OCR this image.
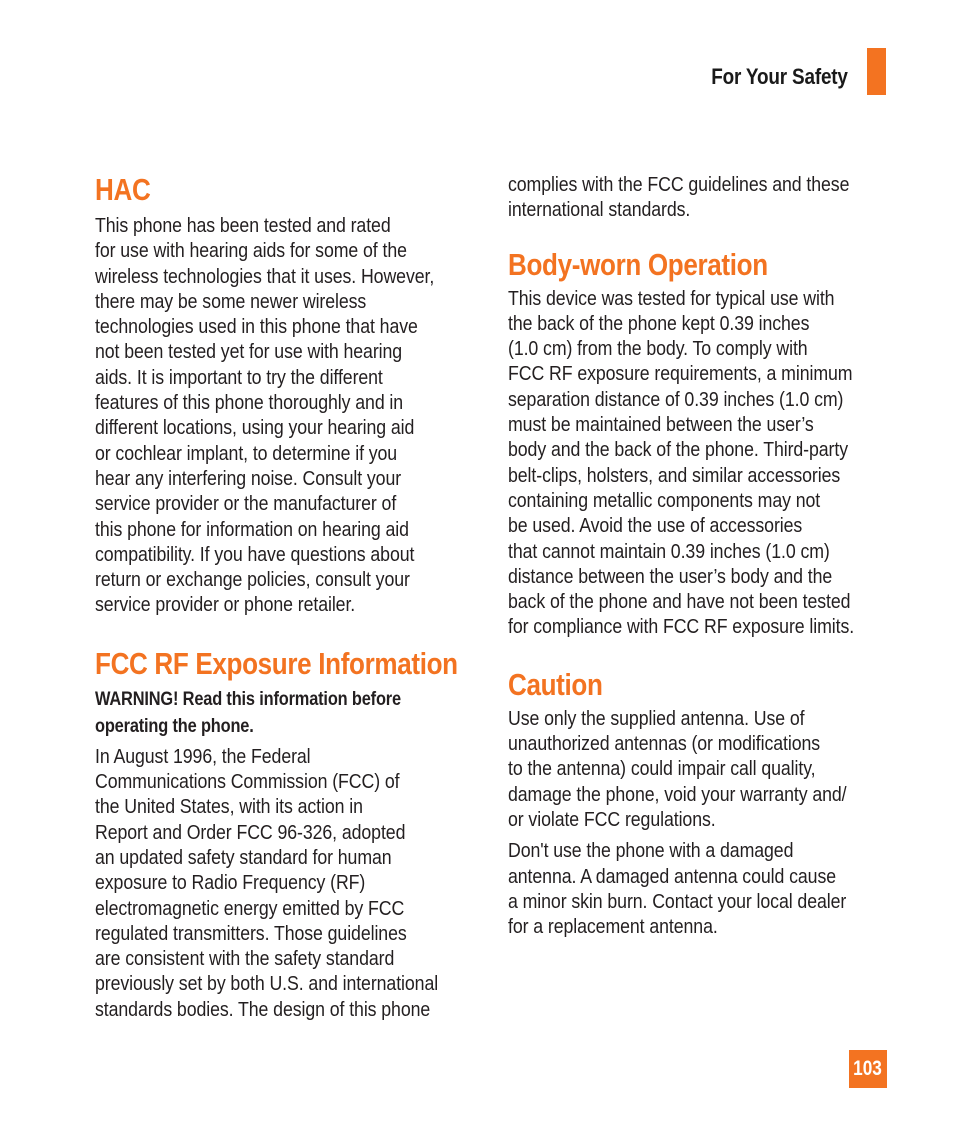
For Your Safety
HAC

This phone has been tested and rated
for use with hearing aids for some of the
wireless technologies that it uses. However,
there may be some newer wireless
technologies used in this phone that have
not been tested yet for use with hearing
aids. It is important to try the different
features of this phone thoroughly and in
different locations, using your hearing aid
or cochlear implant, to determine if you
hear any interfering noise. Consult your
service provider or the manufacturer of
this phone for information on hearing aid
compatibility. If you have questions about
return or exchange policies, consult your
service provider or phone retailer.

FCC RF Exposure Information

WARNING! Read this information before
operating the phone.

In August 1996, the Federal
Communications Commission (FCC) of
the United States, with its action in
Report and Order FCC 96-326, adopted
an updated safety standard for human
exposure to Radio Frequency (RF)
electromagnetic energy emitted by FCC
regulated transmitters. Those guidelines
are consistent with the safety standard
previously set by both U.S. and international
standards bodies. The design of this phone

complies with the FCC guidelines and these
international standards.

Body-worn Operation

This device was tested for typical use with
the back of the phone kept 0.39 inches
(1.0 cm) from the body. To comply with
FCC RF exposure requirements, a minimum
separation distance of 0.39 inches (1.0 cm)
must be maintained between the user’s
body and the back of the phone. Third-party
belt-clips, holsters, and similar accessories
containing metallic components may not
be used. Avoid the use of accessories
that cannot maintain 0.39 inches (1.0 cm)
distance between the user’s body and the
back of the phone and have not been tested
for compliance with FCC RF exposure limits.

Caution

Use only the supplied antenna. Use of
unauthorized antennas (or modifications
to the antenna) could impair call quality,
damage the phone, void your warranty and/
or violate FCC regulations.

Don't use the phone with a damaged
antenna. A damaged antenna could cause
a minor skin burn. Contact your local dealer
for a replacement antenna.

103
